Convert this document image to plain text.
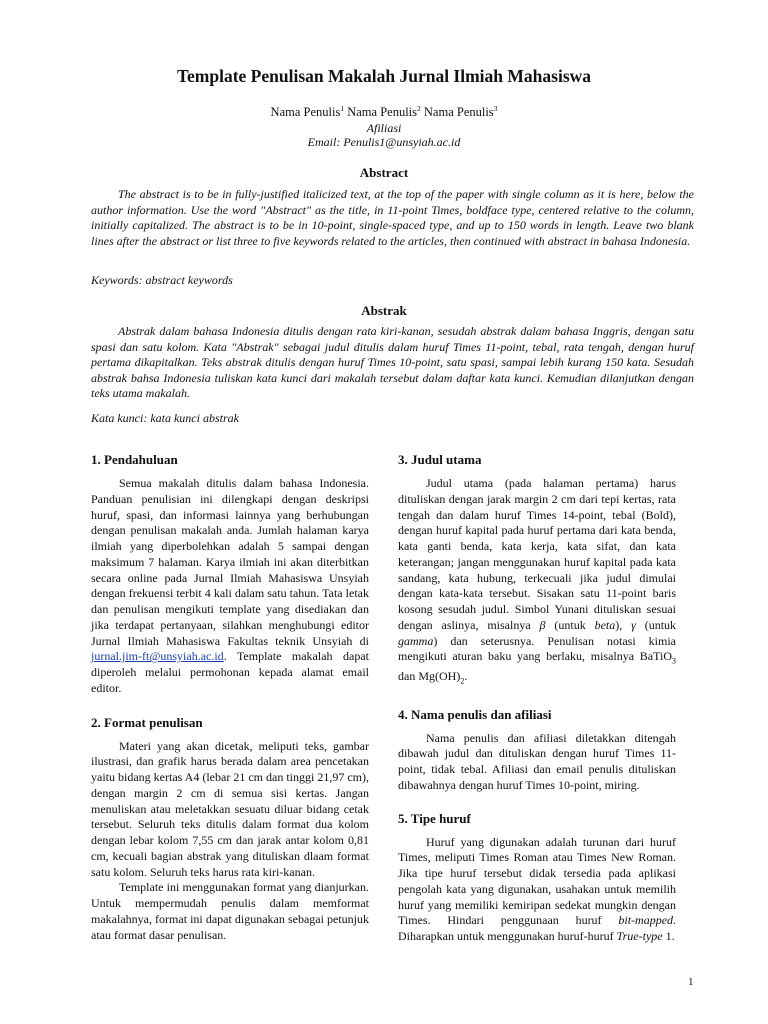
Template Penulisan Makalah Jurnal Ilmiah Mahasiswa
Nama Penulis$^1$ Nama Penulis$^2$ Nama Penulis$^3$
Afiliasi
Email: Penulis1@unsyiah.ac.id
Abstract

The abstract is to be in fully-justified italicized text, at the top of the paper with single column as it is here, below the author information. Use the word "Abstract" as the title, in 11-point Times, boldface type, centered relative to the column, initially capitalized. The abstract is to be in 10-point, single-spaced type, and up to 150 words in length. Leave two blank lines after the abstract or list three to five keywords related to the articles, then continued with abstract in bahasa Indonesia.

Keywords: abstract keywords

Abstrak

Abstrak dalam bahasa Indonesia ditulis dengan rata kiri-kanan, sesudah abstrak dalam bahasa Inggris, dengan satu spasi dan satu kolom. Kata "Abstrak" sebagai judul ditulis dalam huruf Times 11-point, tebal, rata tengah, dengan huruf pertama dikapitalkan. Teks abstrak ditulis dengan huruf Times 10-point, satu spasi, sampai lebih kurang 150 kata. Sesudah abstrak bahsa Indonesia tuliskan kata kunci dari makalah tersebut dalam daftar kata kunci. Kemudian dilanjutkan dengan teks utama makalah.

Kata kunci: kata kunci abstrak

1. Pendahuluan

Semua makalah ditulis dalam bahasa Indonesia. Panduan penulisian ini dilengkapi dengan deskripsi huruf, spasi, dan informasi lainnya yang berhubungan dengan penulisan makalah anda. Jumlah halaman karya ilmiah yang diperbolehkan adalah 5 sampai dengan maksimum 7 halaman. Karya ilmiah ini akan diterbitkan secara online pada Jurnal Ilmiah Mahasiswa Unsyiah dengan frekuensi terbit 4 kali dalam satu tahun. Tata letak dan penulisan mengikuti template yang disediakan dan jika terdapat pertanyaan, silahkan menghubungi editor Jurnal Ilmiah Mahasiswa Fakultas teknik Unsyiah di jurnal.jim-ft@unsyiah.ac.id. Template makalah dapat diperoleh melalui permohonan kepada alamat email editor.

2. Format penulisan

Materi yang akan dicetak, meliputi teks, gambar ilustrasi, dan grafik harus berada dalam area pencetakan yaitu bidang kertas A4 (lebar 21 cm dan tinggi 21,97 cm), dengan margin 2 cm di semua sisi kertas. Jangan menuliskan atau meletakkan sesuatu diluar bidang cetak tersebut. Seluruh teks ditulis dalam format dua kolom dengan lebar kolom 7,55 cm dan jarak antar kolom 0,81 cm, kecuali bagian abstrak yang dituliskan dlaam format satu kolom. Seluruh teks harus rata kiri-kanan.

Template ini menggunakan format yang dianjurkan. Untuk mempermudah penulis dalam memformat makalahnya, format ini dapat digunakan sebagai petunjuk atau format dasar penulisan.

3. Judul utama

Judul utama (pada halaman pertama) harus dituliskan dengan jarak margin 2 cm dari tepi kertas, rata tengah dan dalam huruf Times 14-point, tebal (Bold), dengan huruf kapital pada huruf pertama dari kata benda, kata ganti benda, kata kerja, kata sifat, dan kata keterangan; jangan menggunakan huruf kapital pada kata sandang, kata hubung, terkecuali jika judul dimulai dengan kata-kata tersebut. Sisakan satu 11-point baris kosong sesudah judul. Simbol Yunani dituliskan sesuai dengan aslinya, misalnya β (untuk beta), γ (untuk gamma) dan seterusnya. Penulisan notasi kimia mengikuti aturan baku yang berlaku, misalnya BaTiO$_3$ dan $Mg(OH)_2$.

4. Nama penulis dan afiliasi

Nama penulis dan afiliasi diletakkan ditengah dibawah judul dan dituliskan dengan huruf Times 11-point, tidak tebal. Afiliasi dan email penulis dituliskan dibawahnya dengan huruf Times 10-point, miring.

5. Tipe huruf

Huruf yang digunakan adalah turunan dari huruf Times, meliputi Times Roman atau Times New Roman. Jika tipe huruf tersebut didak tersedia pada aplikasi pengolah kata yang digunakan, usahakan untuk memilih huruf yang memiliki kemiripan sedekat mungkin dengan Times. Hindari penggunaan huruf bit-mapped. Diharapkan untuk menggunakan huruf-huruf True-type 1.

1
